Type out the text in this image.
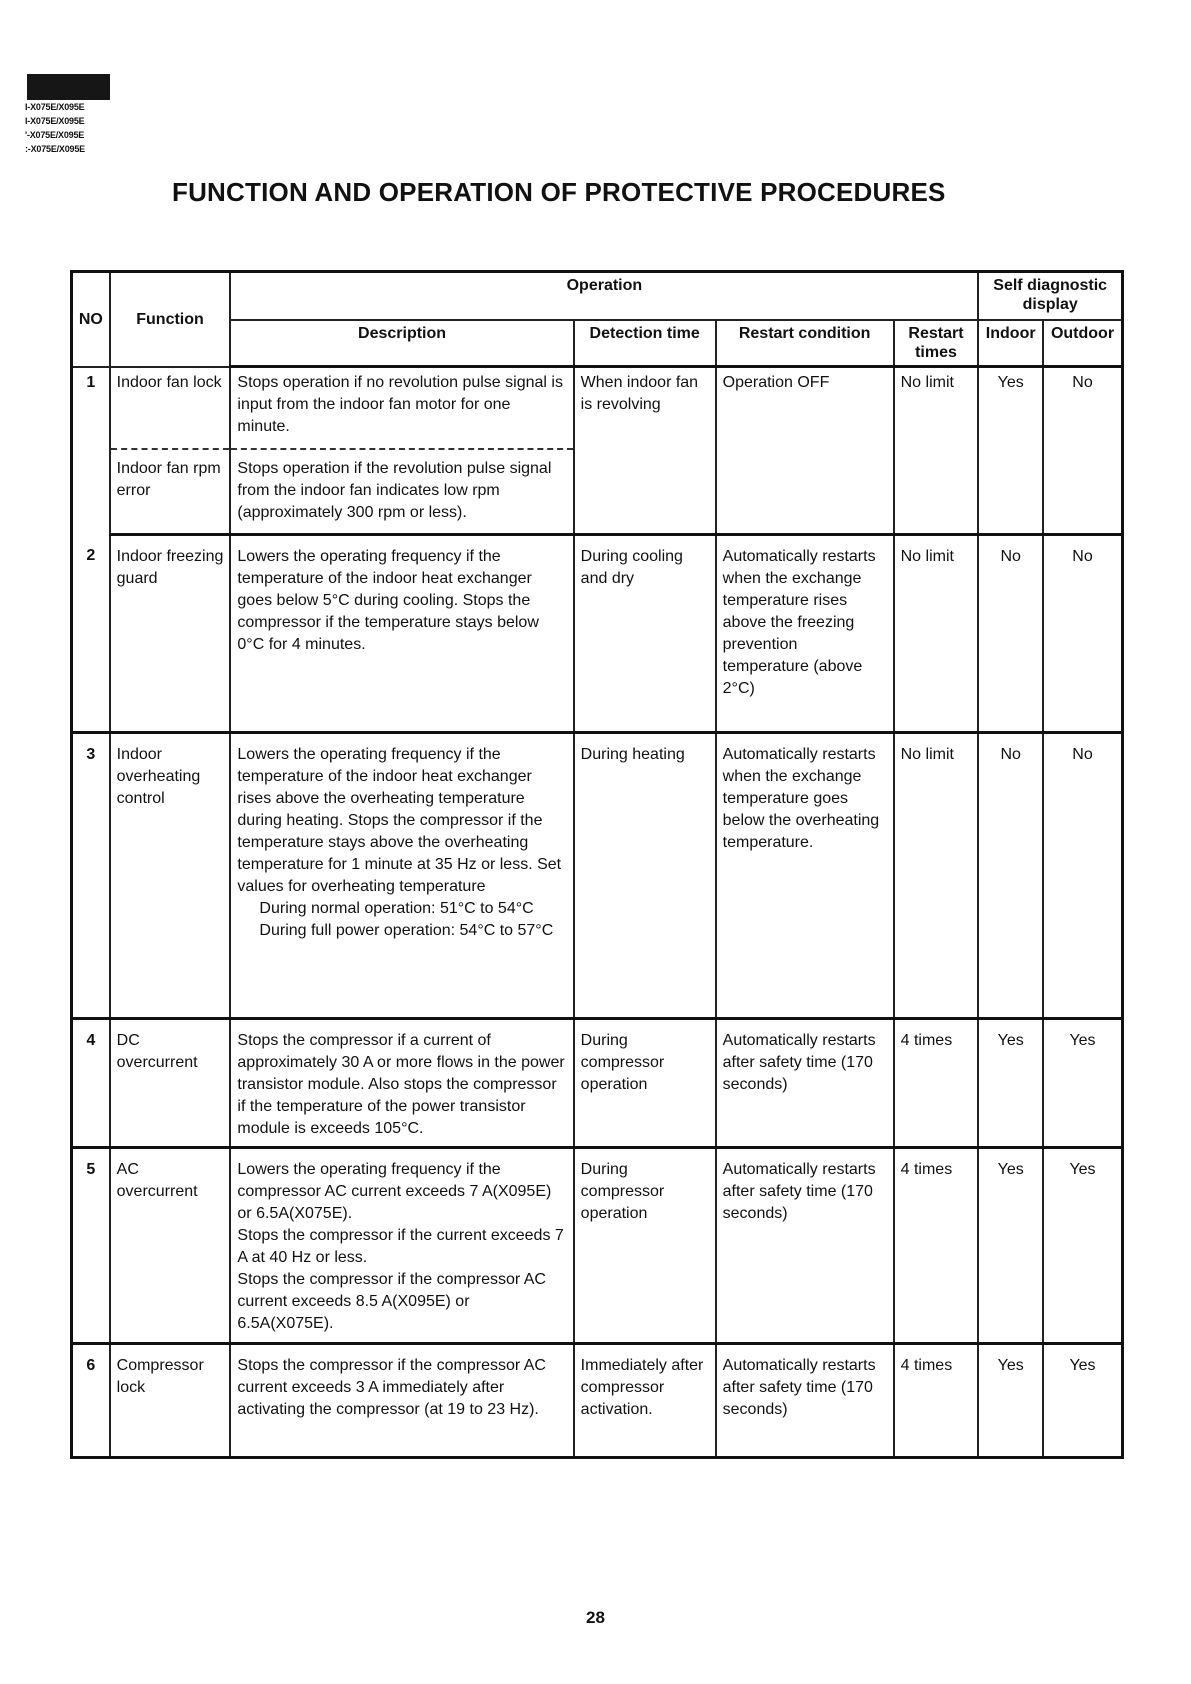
I-X075E/X095E
I-X075E/X095E
'-X075E/X095E
:-X075E/X095E
FUNCTION AND OPERATION OF PROTECTIVE PROCEDURES
NO	Function	Operation				Self diagnostic display	
		Description	Detection time	Restart condition	Restart times	Indoor	Outdoor
1	Indoor fan lock	Stops operation if no revolution pulse signal is input from the indoor fan motor for one minute.	When indoor fan is revolving	Operation OFF	No limit	Yes	No
	Indoor fan rpm error	Stops operation if the revolution pulse signal from the indoor fan indicates low rpm (approximately 300 rpm or less).					
2	Indoor freezing guard	Lowers the operating frequency if the temperature of the indoor heat exchanger goes below 5°C during cooling. Stops the compressor if the temperature stays below 0°C for 4 minutes.	During cooling and dry	Automatically restarts when the exchange temperature rises above the freezing prevention temperature (above 2°C)	No limit	No	No
3	Indoor overheating control	Lowers the operating frequency if the temperature of the indoor heat exchanger rises above the overheating temperature during heating. Stops the compressor if the temperature stays above the overheating temperature for 1 minute at 35 Hz or less. Set values for overheating temperature
During normal operation: 51°C to 54°C
During full power operation: 54°C to 57°C	During heating	Automatically restarts when the exchange temperature goes below the overheating temperature.	No limit	No	No
4	DC overcurrent	Stops the compressor if a current of approximately 30 A or more flows in the power transistor module. Also stops the compressor if the temperature of the power transistor module is exceeds 105°C.	During compressor operation	Automatically restarts after safety time (170 seconds)	4 times	Yes	Yes
5	AC overcurrent	Lowers the operating frequency if the compressor AC current exceeds 7 A(X095E) or 6.5A(X075E).
Stops the compressor if the current exceeds 7 A at 40 Hz or less.
Stops the compressor if the compressor AC current exceeds 8.5 A(X095E) or 6.5A(X075E).	During compressor operation	Automatically restarts after safety time (170 seconds)	4 times	Yes	Yes
6	Compressor lock	Stops the compressor if the compressor AC current exceeds 3 A immediately after activating the compressor (at 19 to 23 Hz).	Immediately after compressor activation.	Automatically restarts after safety time (170 seconds)	4 times	Yes	Yes
28
